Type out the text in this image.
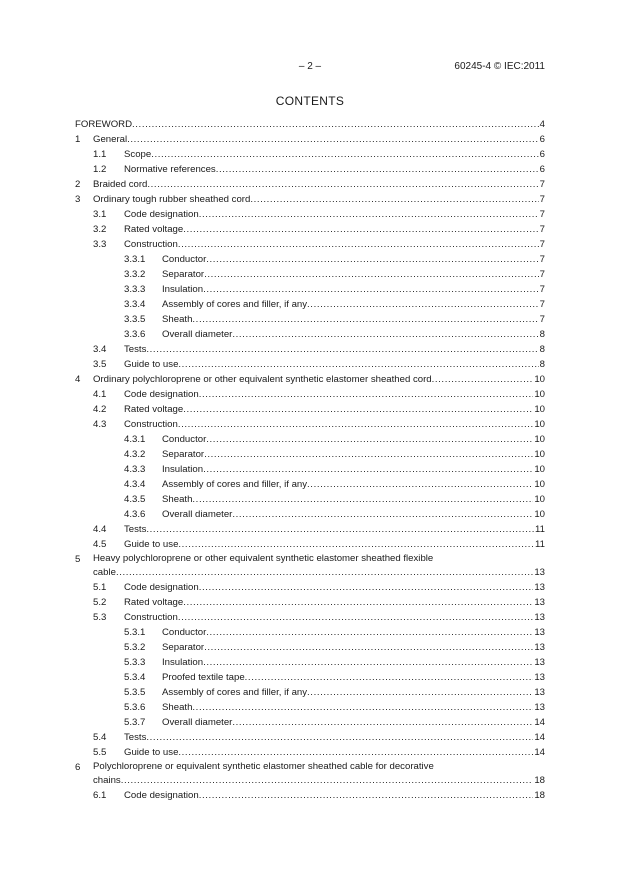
– 2 –	60245-4 © IEC:2011
CONTENTS
FOREWORD .....	4
1	General .....	6
1.1	Scope .....	6
1.2	Normative references .....	6
2	Braided cord .....	7
3	Ordinary tough rubber sheathed cord .....	7
3.1	Code designation .....	7
3.2	Rated voltage .....	7
3.3	Construction .....	7
3.3.1	Conductor .....	7
3.3.2	Separator .....	7
3.3.3	Insulation .....	7
3.3.4	Assembly of cores and filler, if any .....	7
3.3.5	Sheath .....	7
3.3.6	Overall diameter .....	8
3.4	Tests .....	8
3.5	Guide to use .....	8
4	Ordinary polychloroprene or other equivalent synthetic elastomer sheathed cord .....	10
4.1	Code designation .....	10
4.2	Rated voltage .....	10
4.3	Construction .....	10
4.3.1	Conductor .....	10
4.3.2	Separator .....	10
4.3.3	Insulation .....	10
4.3.4	Assembly of cores and filler, if any .....	10
4.3.5	Sheath .....	10
4.3.6	Overall diameter .....	10
4.4	Tests .....	11
4.5	Guide to use .....	11
5	Heavy polychloroprene or other equivalent synthetic elastomer sheathed flexible
cable .....	13
5.1	Code designation .....	13
5.2	Rated voltage .....	13
5.3	Construction .....	13
5.3.1	Conductor .....	13
5.3.2	Separator .....	13
5.3.3	Insulation .....	13
5.3.4	Proofed textile tape .....	13
5.3.5	Assembly of cores and filler, if any .....	13
5.3.6	Sheath .....	13
5.3.7	Overall diameter .....	14
5.4	Tests .....	14
5.5	Guide to use .....	14
6	Polychloroprene or equivalent synthetic elastomer sheathed cable for decorative
chains .....	18
6.1	Code designation .....	18
